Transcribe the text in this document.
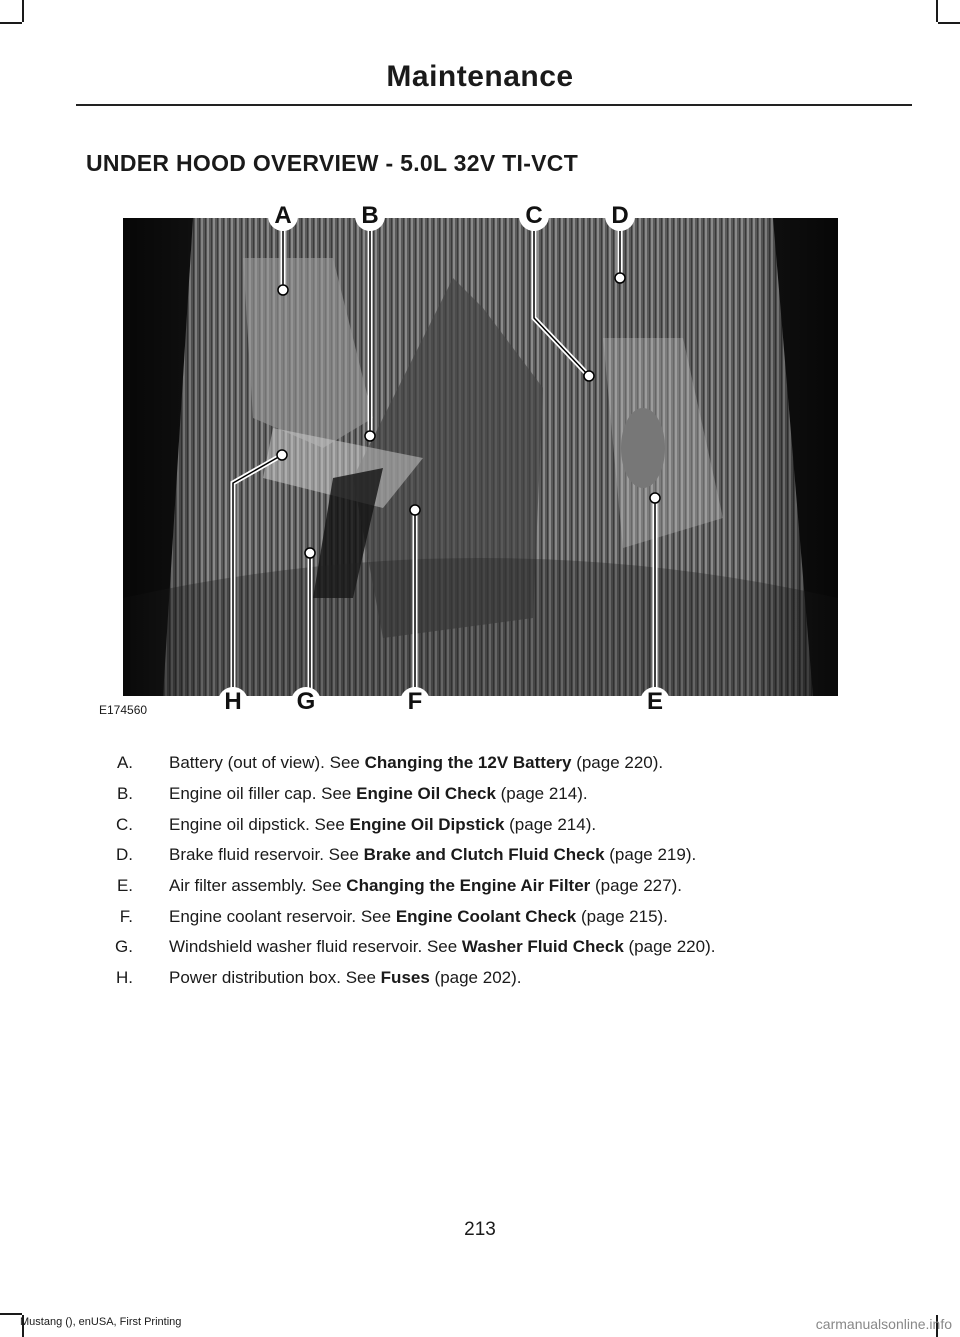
Maintenance
UNDER HOOD OVERVIEW - 5.0L 32V TI-VCT
A	B	C	D
E
F
G
H
E174560
A.	Battery (out of view). See Changing the 12V Battery (page 220).
B.	Engine oil filler cap. See Engine Oil Check (page 214).
C.	Engine oil dipstick. See Engine Oil Dipstick (page 214).
D.	Brake fluid reservoir. See Brake and Clutch Fluid Check (page 219).
E.	Air filter assembly. See Changing the Engine Air Filter (page 227).
F.	Engine coolant reservoir. See Engine Coolant Check (page 215).
G.	Windshield washer fluid reservoir. See Washer Fluid Check (page 220).
H.	Power distribution box. See Fuses (page 202).
213
Mustang (), enUSA, First Printing	carmanualsonline.info
